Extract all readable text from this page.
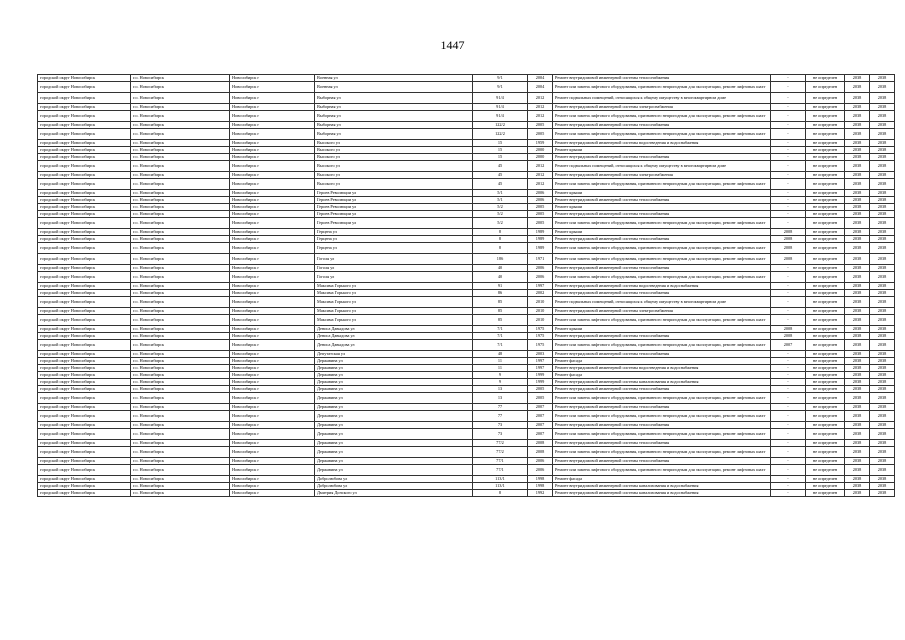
1447
городской округ Новосибирск	г.о. Новосибирск	Новосибирск г	Военная ул	9/1	2004	Ремонт внутридомовой инженерной системы теплоснабжения	-	не определен	2038	2038
городской округ Новосибирск	г.о. Новосибирск	Новосибирск г	Военная ул	9/1	2004	Ремонт или замена лифтового оборудования, признанного непригодным для эксплуатации, ремонт лифтовых шахт	-	не определен	2038	2038
городской округ Новосибирск	г.о. Новосибирск	Новосибирск г	Выборная ул	91/4	2012	Ремонт подвальных помещений, относящихся к общему имуществу в многоквартирном доме	-	не определен	2038	2038
городской округ Новосибирск	г.о. Новосибирск	Новосибирск г	Выборная ул	91/4	2012	Ремонт внутридомовой инженерной системы электроснабжения	-	не определен	2038	2038
городской округ Новосибирск	г.о. Новосибирск	Новосибирск г	Выборная ул	91/4	2012	Ремонт или замена лифтового оборудования, признанного непригодным для эксплуатации, ремонт лифтовых шахт	-	не определен	2038	2038
городской округ Новосибирск	г.о. Новосибирск	Новосибирск г	Выборная ул	122/2	2005	Ремонт внутридомовой инженерной системы теплоснабжения	-	не определен	2038	2038
городской округ Новосибирск	г.о. Новосибирск	Новосибирск г	Выборная ул	122/2	2005	Ремонт или замена лифтового оборудования, признанного непригодным для эксплуатации, ремонт лифтовых шахт	-	не определен	2038	2038
городской округ Новосибирск	г.о. Новосибирск	Новосибирск г	Высокого ул	15	1959	Ремонт внутридомовой инженерной системы водоотведения и водоснабжения	-	не определен	2038	2038
городской округ Новосибирск	г.о. Новосибирск	Новосибирск г	Высокого ул	15	2000	Ремонт крыши	-	не определен	2038	2038
городской округ Новосибирск	г.о. Новосибирск	Новосибирск г	Высокого ул	15	2000	Ремонт внутридомовой инженерной системы теплоснабжения	-	не определен	2038	2038
городской округ Новосибирск	г.о. Новосибирск	Новосибирск г	Высокого ул	45	2012	Ремонт подвальных помещений, относящихся к общему имуществу в многоквартирном доме	-	не определен	2038	2038
городской округ Новосибирск	г.о. Новосибирск	Новосибирск г	Высокого ул	45	2012	Ремонт внутридомовой инженерной системы электроснабжения	-	не определен	2038	2038
городской округ Новосибирск	г.о. Новосибирск	Новосибирск г	Высокого ул	45	2012	Ремонт или замена лифтового оборудования, признанного непригодным для эксплуатации, ремонт лифтовых шахт	-	не определен	2038	2038
городской округ Новосибирск	г.о. Новосибирск	Новосибирск г	Героев Революции ул	5/1	2006	Ремонт крыши	-	не определен	2038	2038
городской округ Новосибирск	г.о. Новосибирск	Новосибирск г	Героев Революции ул	5/1	2006	Ремонт внутридомовой инженерной системы теплоснабжения	-	не определен	2038	2038
городской округ Новосибирск	г.о. Новосибирск	Новосибирск г	Героев Революции ул	5/2	2005	Ремонт крыши	-	не определен	2038	2038
городской округ Новосибирск	г.о. Новосибирск	Новосибирск г	Героев Революции ул	5/2	2005	Ремонт внутридомовой инженерной системы теплоснабжения	-	не определен	2038	2038
городской округ Новосибирск	г.о. Новосибирск	Новосибирск г	Героев Революции ул	5/2	2005	Ремонт или замена лифтового оборудования, признанного непригодным для эксплуатации, ремонт лифтовых шахт	-	не определен	2038	2038
городской округ Новосибирск	г.о. Новосибирск	Новосибирск г	Герцена ул	8	1989	Ремонт крыши	2008	не определен	2038	2038
городской округ Новосибирск	г.о. Новосибирск	Новосибирск г	Герцена ул	8	1989	Ремонт внутридомовой инженерной системы теплоснабжения	2008	не определен	2038	2038
городской округ Новосибирск	г.о. Новосибирск	Новосибирск г	Герцена ул	8	1989	Ремонт или замена лифтового оборудования, признанного непригодным для эксплуатации, ремонт лифтовых шахт	2008	не определен	2038	2038
городской округ Новосибирск	г.о. Новосибирск	Новосибирск г	Гоголя ул	186	1971	Ремонт или замена лифтового оборудования, признанного непригодным для эксплуатации, ремонт лифтовых шахт	2008	не определен	2038	2038
городской округ Новосибирск	г.о. Новосибирск	Новосибирск г	Гоголя ул	40	2006	Ремонт внутридомовой инженерной системы теплоснабжения	-	не определен	2038	2038
городской округ Новосибирск	г.о. Новосибирск	Новосибирск г	Гоголя ул	40	2006	Ремонт или замена лифтового оборудования, признанного непригодным для эксплуатации, ремонт лифтовых шахт	-	не определен	2038	2038
городской округ Новосибирск	г.о. Новосибирск	Новосибирск г	Максима Горького ул	91	1997	Ремонт внутридомовой инженерной системы водоотведения и водоснабжения	-	не определен	2038	2038
городской округ Новосибирск	г.о. Новосибирск	Новосибирск г	Максима Горького ул	86	2002	Ремонт внутридомовой инженерной системы теплоснабжения	-	не определен	2038	2038
городской округ Новосибирск	г.о. Новосибирск	Новосибирск г	Максима Горького ул	85	2010	Ремонт подвальных помещений, относящихся к общему имуществу в многоквартирном доме	-	не определен	2038	2038
городской округ Новосибирск	г.о. Новосибирск	Новосибирск г	Максима Горького ул	85	2010	Ремонт внутридомовой инженерной системы электроснабжения	-	не определен	2038	2038
городской округ Новосибирск	г.о. Новосибирск	Новосибирск г	Максима Горького ул	85	2010	Ремонт или замена лифтового оборудования, признанного непригодным для эксплуатации, ремонт лифтовых шахт	-	не определен	2038	2038
городской округ Новосибирск	г.о. Новосибирск	Новосибирск г	Дениса Давыдова ул	7/1	1975	Ремонт крыши	2008	не определен	2038	2038
городской округ Новосибирск	г.о. Новосибирск	Новосибирск г	Дениса Давыдова ул	7/1	1975	Ремонт внутридомовой инженерной системы теплоснабжения	2008	не определен	2038	2038
городской округ Новосибирск	г.о. Новосибирск	Новосибирск г	Дениса Давыдова ул	7/1	1975	Ремонт или замена лифтового оборудования, признанного непригодным для эксплуатации, ремонт лифтовых шахт	2007	не определен	2038	2038
городской округ Новосибирск	г.о. Новосибирск	Новосибирск г	Депутатская ул	48	2003	Ремонт внутридомовой инженерной системы теплоснабжения	-	не определен	2038	2038
городской округ Новосибирск	г.о. Новосибирск	Новосибирск г	Державина ул	11	1997	Ремонт фасада	-	не определен	2038	2038
городской округ Новосибирск	г.о. Новосибирск	Новосибирск г	Державина ул	11	1997	Ремонт внутридомовой инженерной системы водоотведения и водоснабжения	-	не определен	2038	2038
городской округ Новосибирск	г.о. Новосибирск	Новосибирск г	Державина ул	9	1999	Ремонт фасада	-	не определен	2038	2038
городской округ Новосибирск	г.о. Новосибирск	Новосибирск г	Державина ул	9	1999	Ремонт внутридомовой инженерной системы канализования и водоснабжения	-	не определен	2038	2038
городской округ Новосибирск	г.о. Новосибирск	Новосибирск г	Державина ул	13	2005	Ремонт внутридомовой инженерной системы теплоснабжения	-	не определен	2038	2038
городской округ Новосибирск	г.о. Новосибирск	Новосибирск г	Державина ул	13	2005	Ремонт или замена лифтового оборудования, признанного непригодным для эксплуатации, ремонт лифтовых шахт	-	не определен	2038	2038
городской округ Новосибирск	г.о. Новосибирск	Новосибирск г	Державина ул	77	2007	Ремонт внутридомовой инженерной системы теплоснабжения	-	не определен	2038	2038
городской округ Новосибирск	г.о. Новосибирск	Новосибирск г	Державина ул	77	2007	Ремонт или замена лифтового оборудования, признанного непригодным для эксплуатации, ремонт лифтовых шахт	-	не определен	2038	2038
городской округ Новосибирск	г.о. Новосибирск	Новосибирск г	Державина ул	73	2007	Ремонт внутридомовой инженерной системы теплоснабжения	-	не определен	2038	2038
городской округ Новосибирск	г.о. Новосибирск	Новосибирск г	Державина ул	73	2007	Ремонт или замена лифтового оборудования, признанного непригодным для эксплуатации, ремонт лифтовых шахт	-	не определен	2038	2038
городской округ Новосибирск	г.о. Новосибирск	Новосибирск г	Державина ул	77/2	2008	Ремонт внутридомовой инженерной системы теплоснабжения	-	не определен	2038	2038
городской округ Новосибирск	г.о. Новосибирск	Новосибирск г	Державина ул	77/2	2008	Ремонт или замена лифтового оборудования, признанного непригодным для эксплуатации, ремонт лифтовых шахт	-	не определен	2038	2038
городской округ Новосибирск	г.о. Новосибирск	Новосибирск г	Державина ул	77/1	2006	Ремонт внутридомовой инженерной системы теплоснабжения	-	не определен	2038	2038
городской округ Новосибирск	г.о. Новосибирск	Новосибирск г	Державина ул	77/1	2006	Ремонт или замена лифтового оборудования, признанного непригодным для эксплуатации, ремонт лифтовых шахт	-	не определен	2038	2038
городской округ Новосибирск	г.о. Новосибирск	Новосибирск г	Добролюбова ул	113/1	1998	Ремонт фасада	-	не определен	2038	2038
городской округ Новосибирск	г.о. Новосибирск	Новосибирск г	Добролюбова ул	113/1	1998	Ремонт внутридомовой инженерной системы канализования и водоснабжения	-	не определен	2038	2038
городской округ Новосибирск	г.о. Новосибирск	Новосибирск г	Дмитрия Донского ул	8	1992	Ремонт внутридомовой инженерной системы канализования и водоснабжения	-	не определен	2038	2038
